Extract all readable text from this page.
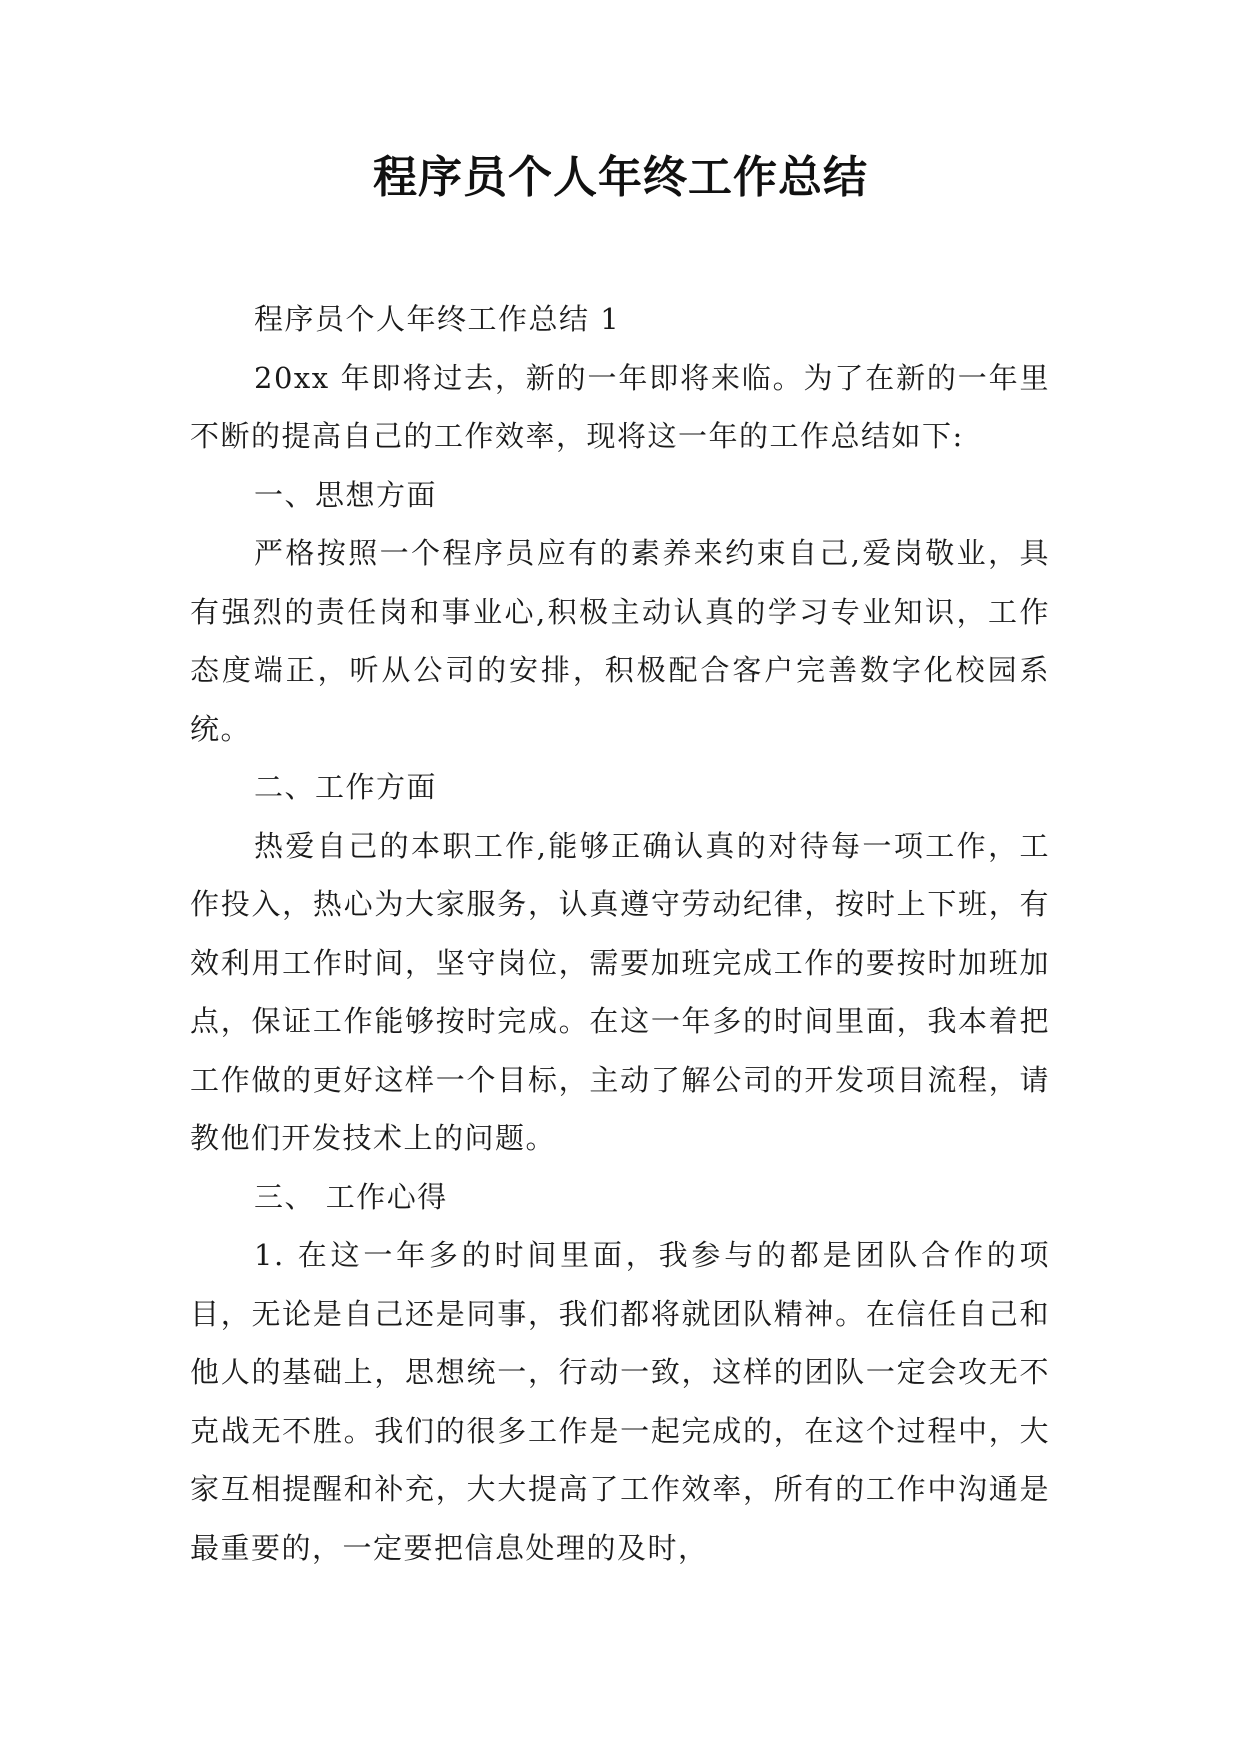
程序员个人年终工作总结

程序员个人年终工作总结 1

20xx 年即将过去，新的一年即将来临。为了在新的一年里不断的提高自己的工作效率，现将这一年的工作总结如下:

一、思想方面

严格按照一个程序员应有的素养来约束自己,爱岗敬业，具有强烈的责任岗和事业心,积极主动认真的学习专业知识，工作态度端正，听从公司的安排，积极配合客户完善数字化校园系统。

二、工作方面

热爱自己的本职工作,能够正确认真的对待每一项工作，工作投入，热心为大家服务，认真遵守劳动纪律，按时上下班，有效利用工作时间，坚守岗位，需要加班完成工作的要按时加班加点，保证工作能够按时完成。在这一年多的时间里面，我本着把工作做的更好这样一个目标，主动了解公司的开发项目流程，请教他们开发技术上的问题。

三、 工作心得

1. 在这一年多的时间里面，我参与的都是团队合作的项目，无论是自己还是同事，我们都将就团队精神。在信任自己和他人的基础上，思想统一，行动一致，这样的团队一定会攻无不克战无不胜。我们的很多工作是一起完成的，在这个过程中，大家互相提醒和补充，大大提高了工作效率，所有的工作中沟通是最重要的，一定要把信息处理的及时，
